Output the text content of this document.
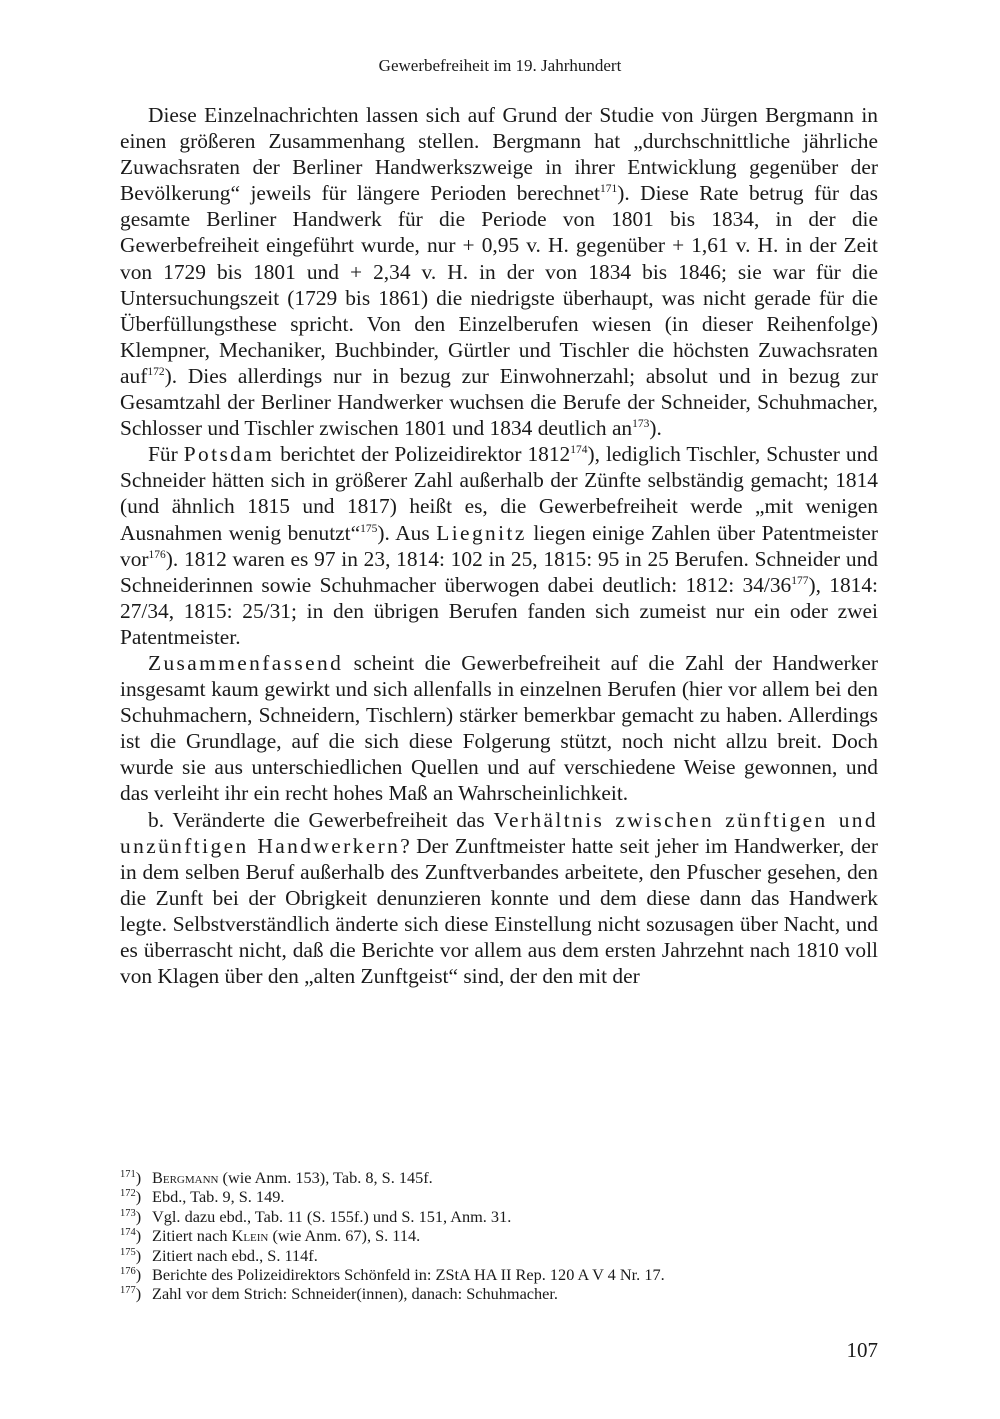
Gewerbefreiheit im 19. Jahrhundert

Diese Einzelnachrichten lassen sich auf Grund der Studie von Jürgen Bergmann in einen größeren Zusammenhang stellen. Bergmann hat „durchschnittliche jährliche Zuwachsraten der Berliner Handwerkszweige in ihrer Entwicklung gegenüber der Bevölkerung“ jeweils für längere Perioden berechnet$^{171}$). Diese Rate betrug für das gesamte Berliner Handwerk für die Periode von 1801 bis 1834, in der die Gewerbefreiheit eingeführt wurde, nur + 0,95 v. H. gegenüber + 1,61 v. H. in der Zeit von 1729 bis 1801 und + 2,34 v. H. in der von 1834 bis 1846; sie war für die Untersuchungszeit (1729 bis 1861) die niedrigste überhaupt, was nicht gerade für die Überfüllungsthese spricht. Von den Einzelberufen wiesen (in dieser Reihenfolge) Klempner, Mechaniker, Buchbinder, Gürtler und Tischler die höchsten Zuwachsraten auf$^{172}$). Dies allerdings nur in bezug zur Einwohnerzahl; absolut und in bezug zur Gesamtzahl der Berliner Handwerker wuchsen die Berufe der Schneider, Schuhmacher, Schlosser und Tischler zwischen 1801 und 1834 deutlich $an^{173}$).

Für Potsdam berichtet der Polizeidirektor 1812$^{174}$), lediglich Tischler, Schuster und Schneider hätten sich in größerer Zahl außerhalb der Zünfte selbständig gemacht; 1814 (und ähnlich 1815 und 1817) heißt es, die Gewerbefreiheit werde „mit wenigen Ausnahmen wenig benutzt“$^{175}$). Aus Liegnitz liegen einige Zahlen über Patentmeister vor$^{176}$). 1812 waren es 97 in 23, 1814: 102 in 25, 1815: 95 in 25 Berufen. Schneider und Schneiderinnen sowie Schuhmacher überwogen dabei deutlich: 1812: $34/36^{177}$), 1814: 27/34, 1815: 25/31; in den übrigen Berufen fanden sich zumeist nur ein oder zwei Patentmeister.

Zusammenfassend scheint die Gewerbefreiheit auf die Zahl der Handwerker insgesamt kaum gewirkt und sich allenfalls in einzelnen Berufen (hier vor allem bei den Schuhmachern, Schneidern, Tischlern) stärker bemerkbar gemacht zu haben. Allerdings ist die Grundlage, auf die sich diese Folgerung stützt, noch nicht allzu breit. Doch wurde sie aus unterschiedlichen Quellen und auf verschiedene Weise gewonnen, und das verleiht ihr ein recht hohes Maß an Wahrscheinlichkeit.

b. Veränderte die Gewerbefreiheit das Verhältnis zwischen zünftigen und unzünftigen Handwerkern? Der Zunftmeister hatte seit jeher im Handwerker, der in dem selben Beruf außerhalb des Zunftverbandes arbeitete, den Pfuscher gesehen, den die Zunft bei der Obrigkeit denunzieren konnte und dem diese dann das Handwerk legte. Selbstverständlich änderte sich diese Einstellung nicht sozusagen über Nacht, und es überrascht nicht, daß die Berichte vor allem aus dem ersten Jahrzehnt nach 1810 voll von Klagen über den „alten Zunftgeist“ sind, der den mit der

$^{171}$) Bergmann (wie Anm. 153), Tab. 8, S. 145f.
$^{172}$) Ebd., Tab. 9, S. 149.
$^{173}$) Vgl. dazu ebd., Tab. 11 (S. 155f.) und S. 151, Anm. 31.
$^{174}$) Zitiert nach Klein (wie Anm. 67), S. 114.
$^{175}$) Zitiert nach ebd., S. 114f.
$^{176}$) Berichte des Polizeidirektors Schönfeld in: ZStA HA II Rep. 120 A V 4 Nr. 17.
$^{177}$) Zahl vor dem Strich: Schneider(innen), danach: Schuhmacher.
107
